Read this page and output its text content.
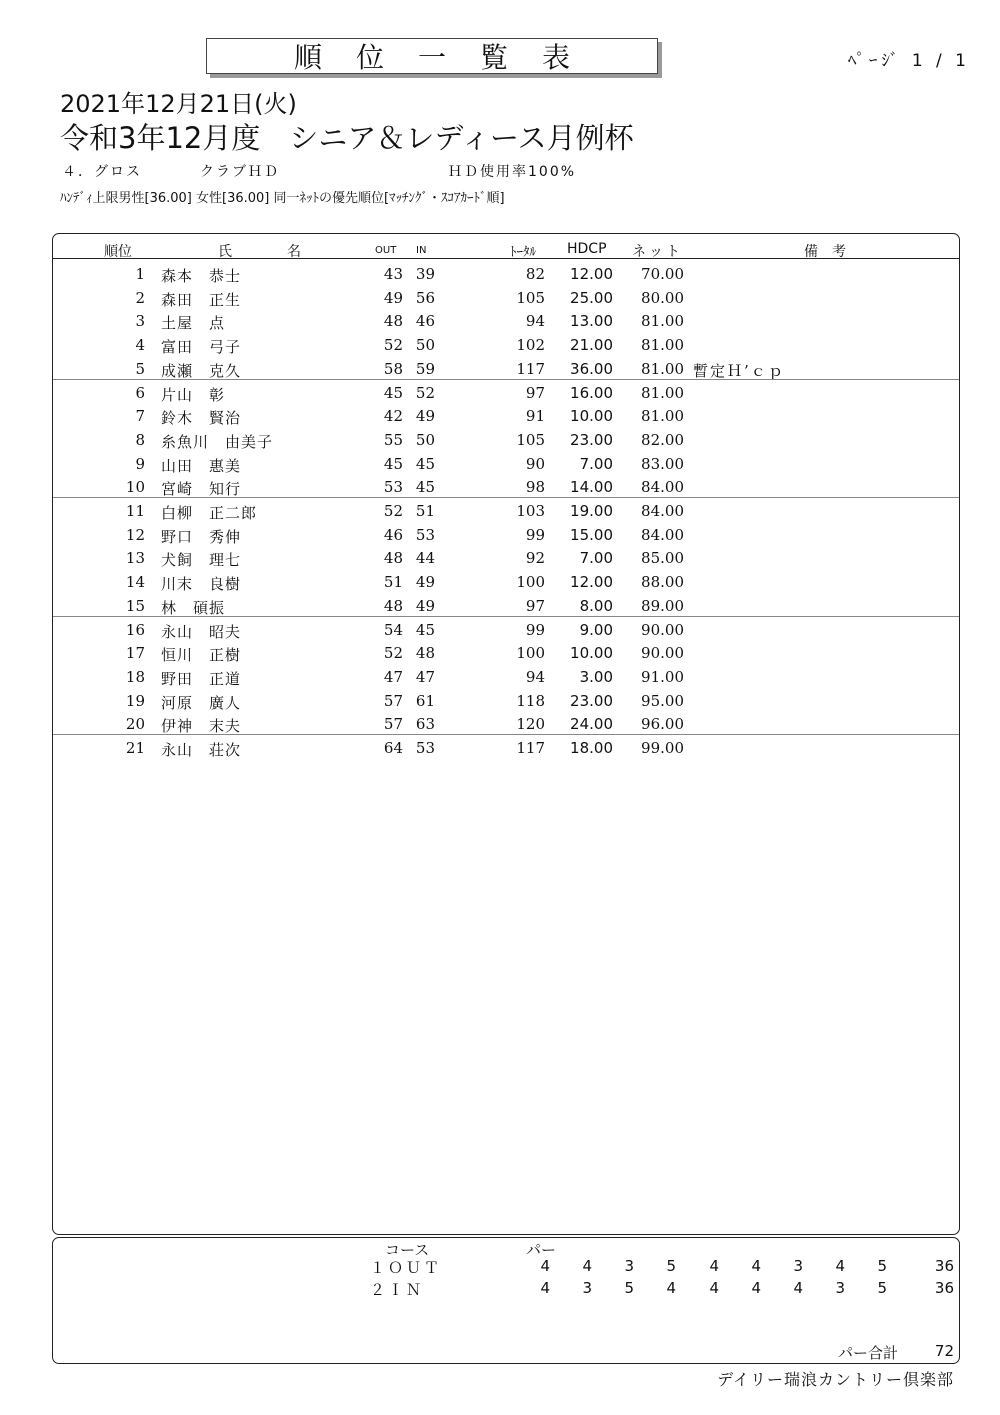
順位一覧表	ﾍﾟｰｼﾞ 1 / 1
2021年12月21日(火)
令和3年12月度　シニア＆レディース月例杯
４．グロス	クラブＨＤ	ＨＤ使用率100%
ﾊﾝﾃﾞｨ上限男性[36.00] 女性[36.00] 同一ﾈｯﾄの優先順位[ﾏｯﾁﾝｸﾞ・ｽｺｱｶｰﾄﾞ順]
順位	氏	名	OUT IN	ﾄｰﾀﾙ HDCP ネット	備　考
1 森本　恭士	43 39	82	12.00	70.00
2 森田　正生	49 56	105	25.00	80.00
3 土屋　点	48 46	94	13.00	81.00
4 富田　弓子	52 50	102	21.00	81.00
5 成瀬　克久	58 59	117	36.00	81.00 暫定Ｈ’ｃｐ
6 片山　彰	45 52	97	16.00	81.00
7 鈴木　賢治	42 49	91	10.00	81.00
8 糸魚川　由美子	55 50	105	23.00	82.00
9 山田　惠美	45 45	90	7.00	83.00
10 宮崎　知行	53 45	98	14.00	84.00
11 白柳　正二郎	52 51	103	19.00	84.00
12 野口　秀伸	46 53	99	15.00	84.00
13 犬飼　理七	48 44	92	7.00	85.00
14 川末　良樹	51 49	100	12.00	88.00
15 林　碩振	48 49	97	8.00	89.00
16 永山　昭夫	54 45	99	9.00	90.00
17 恒川　正樹	52 48	100	10.00	90.00
18 野田　正道	47 47	94	3.00	91.00
19 河原　廣人	57 61	118	23.00	95.00
20 伊神　末夫	57 63	120	24.00	96.00
21 永山　荘次	64 53	117	18.00	99.00
コース	パー
１ＯＵＴ	4	4	3	5	4	4	3	4	5	36
２ＩＮ	4	3	5	4	4	4	4	3	5	36
パー合計	72
デイリー瑞浪カントリー倶楽部
